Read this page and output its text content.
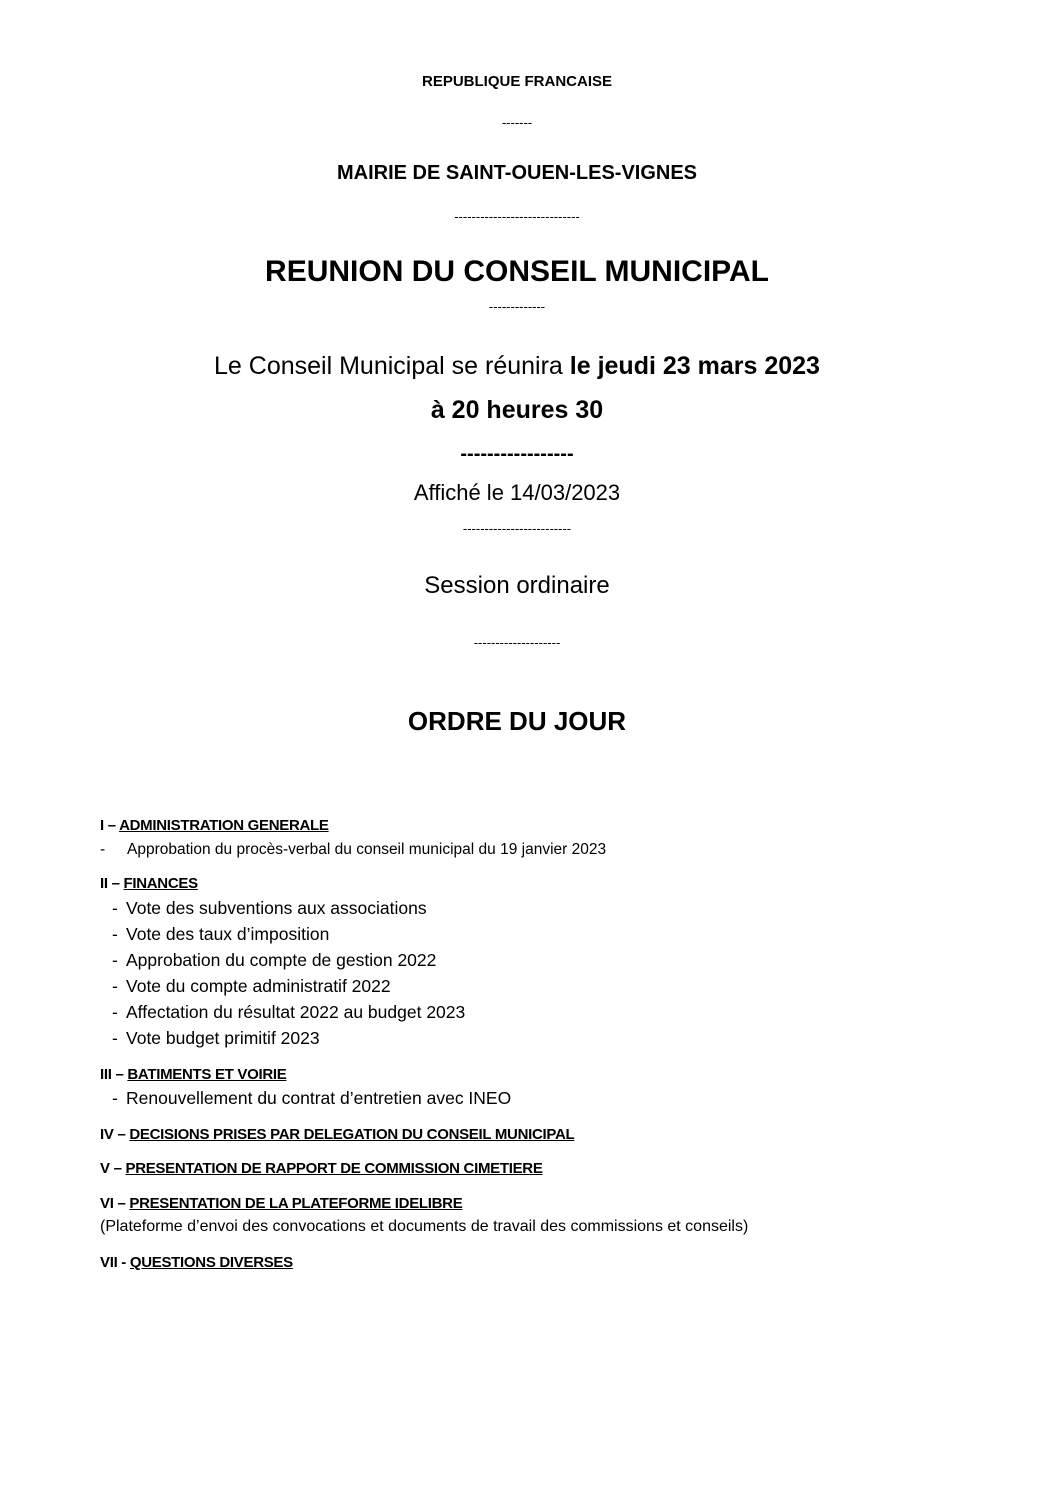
REPUBLIQUE FRANCAISE
-------
MAIRIE DE SAINT-OUEN-LES-VIGNES
-----------------------------
REUNION DU CONSEIL MUNICIPAL
-------------
Le Conseil Municipal se réunira le jeudi 23 mars 2023
à 20 heures 30
-----------------
Affiché le 14/03/2023
-------------------------
Session ordinaire
--------------------
ORDRE DU JOUR
I – ADMINISTRATION GENERALE
- Approbation du procès-verbal du conseil municipal du 19 janvier 2023
II – FINANCES
- Vote des subventions aux associations
- Vote des taux d’imposition
- Approbation du compte de gestion 2022
- Vote du compte administratif 2022
- Affectation du résultat 2022 au budget 2023
- Vote budget primitif 2023
III – BATIMENTS ET VOIRIE
- Renouvellement du contrat d’entretien avec INEO
IV – DECISIONS PRISES PAR DELEGATION DU CONSEIL MUNICIPAL
V – PRESENTATION DE RAPPORT DE COMMISSION CIMETIERE
VI – PRESENTATION DE LA PLATEFORME IDELIBRE
(Plateforme d’envoi des convocations et documents de travail des commissions et conseils)
VII - QUESTIONS DIVERSES
